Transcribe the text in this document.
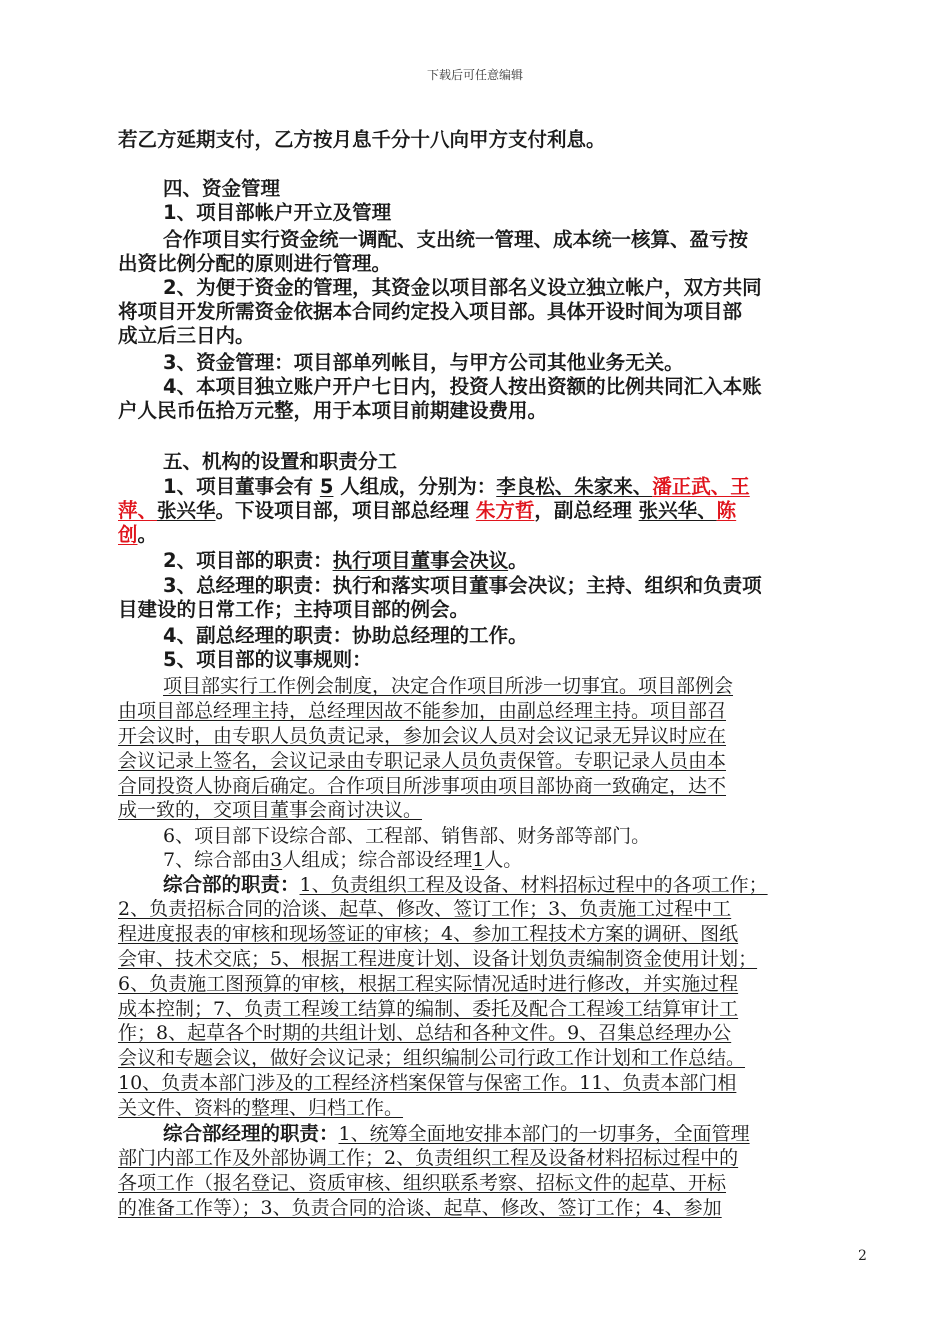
下载后可任意编辑
若乙方延期支付，乙方按月息千分十八向甲方支付利息。
四、资金管理
1、项目部帐户开立及管理
合作项目实行资金统一调配、支出统一管理、成本统一核算、盈亏按
出资比例分配的原则进行管理。
2、为便于资金的管理，其资金以项目部名义设立独立帐户，双方共同
将项目开发所需资金依据本合同约定投入项目部。具体开设时间为项目部
成立后三日内。
3、资金管理：项目部单列帐目，与甲方公司其他业务无关。
4、本项目独立账户开户七日内，投资人按出资额的比例共同汇入本账
户人民币伍拾万元整，用于本项目前期建设费用。
五、机构的设置和职责分工
1、项目董事会有 5 人组成，分别为：李良松、朱家来、潘正武、王
萍、张兴华。下设项目部，项目部总经理 朱方哲，副总经理 张兴华、陈
创。
2、项目部的职责：执行项目董事会决议。
3、总经理的职责：执行和落实项目董事会决议；主持、组织和负责项
目建设的日常工作；主持项目部的例会。
4、副总经理的职责：协助总经理的工作。
5、项目部的议事规则：
项目部实行工作例会制度，决定合作项目所涉一切事宜。项目部例会
由项目部总经理主持，总经理因故不能参加，由副总经理主持。项目部召
开会议时，由专职人员负责记录，参加会议人员对会议记录无异议时应在
会议记录上签名，会议记录由专职记录人员负责保管。专职记录人员由本
合同投资人协商后确定。合作项目所涉事项由项目部协商一致确定，达不
成一致的，交项目董事会商讨决议。
6、项目部下设综合部、工程部、销售部、财务部等部门。
7、综合部由3人组成；综合部设经理1人。
综合部的职责：1、负责组织工程及设备、材料招标过程中的各项工作；
2、负责招标合同的洽谈、起草、修改、签订工作；3、负责施工过程中工
程进度报表的审核和现场签证的审核；4、参加工程技术方案的调研、图纸
会审、技术交底；5、根据工程进度计划、设备计划负责编制资金使用计划；
6、负责施工图预算的审核，根据工程实际情况适时进行修改，并实施过程
成本控制；7、负责工程竣工结算的编制、委托及配合工程竣工结算审计工
作；8、起草各个时期的共组计划、总结和各种文件。9、召集总经理办公
会议和专题会议，做好会议记录；组织编制公司行政工作计划和工作总结。
10、负责本部门涉及的工程经济档案保管与保密工作。11、负责本部门相
关文件、资料的整理、归档工作。
综合部经理的职责：1、统筹全面地安排本部门的一切事务，全面管理
部门内部工作及外部协调工作；2、负责组织工程及设备材料招标过程中的
各项工作（报名登记、资质审核、组织联系考察、招标文件的起草、开标
的准备工作等）；3、负责合同的洽谈、起草、修改、签订工作；4、参加
2
